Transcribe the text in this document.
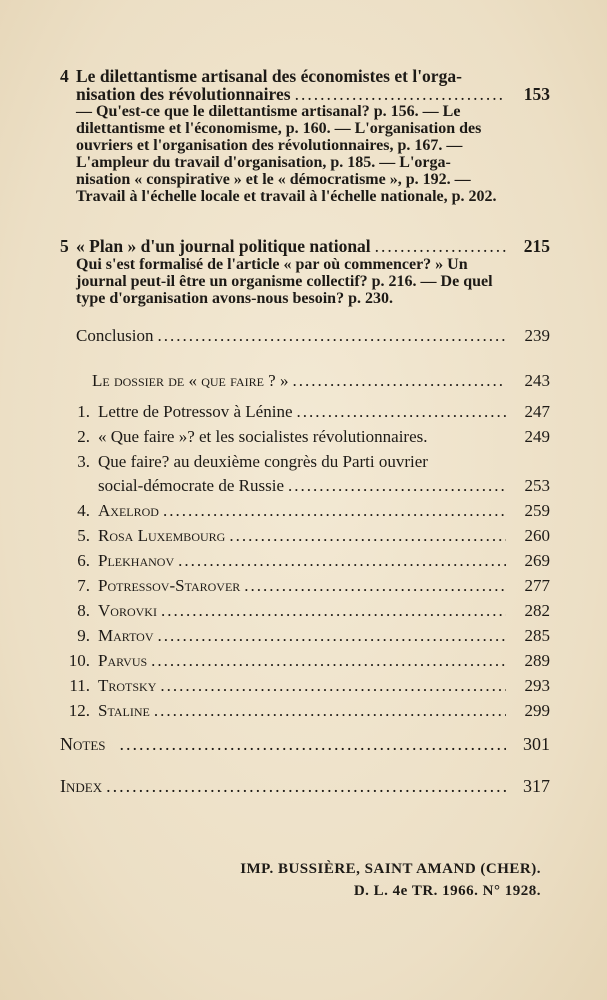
4 Le dilettantisme artisanal des économistes et l'orga-
nisation des révolutionnaires .....	153
— Qu'est-ce que le dilettantisme artisanal? p. 156. — Le dilettantisme et l'économisme, p. 160. — L'organisation des ouvriers et l'organisation des révolutionnaires, p. 167. — L'ampleur du travail d'organisation, p. 185. — L'orga-nisation « conspirative » et le « démocratisme », p. 192. — Travail à l'échelle locale et travail à l'échelle nationale, p. 202.
5 « Plan » d'un journal politique national .....	215
Qui s'est formalisé de l'article « par où commencer? » Un journal peut-il être un organisme collectif? p. 216. — De quel type d'organisation avons-nous besoin? p. 230.
Conclusion .....	239
Le dossier de « que faire ? » .....	243
1. Lettre de Potressov à Lénine .....	247
2. « Que faire »? et les socialistes révolutionnaires.	249
3. Que faire? au deuxième congrès du Parti ouvrier
social-démocrate de Russie .....	253
4. Axelrod .....	259
5. Rosa Luxembourg .....	260
6. Plekhanov .....	269
7. Potressov-Starover .....	277
8. Vorovki .....	282
9. Martov .....	285
10. Parvus .....	289
11. Trotsky .....	293
12. Staline .....	299
Notes .....	301
Index .....	317
IMP. BUSSIÈRE, SAINT AMAND (CHER).
D. L. 4e TR. 1966. N° 1928.
